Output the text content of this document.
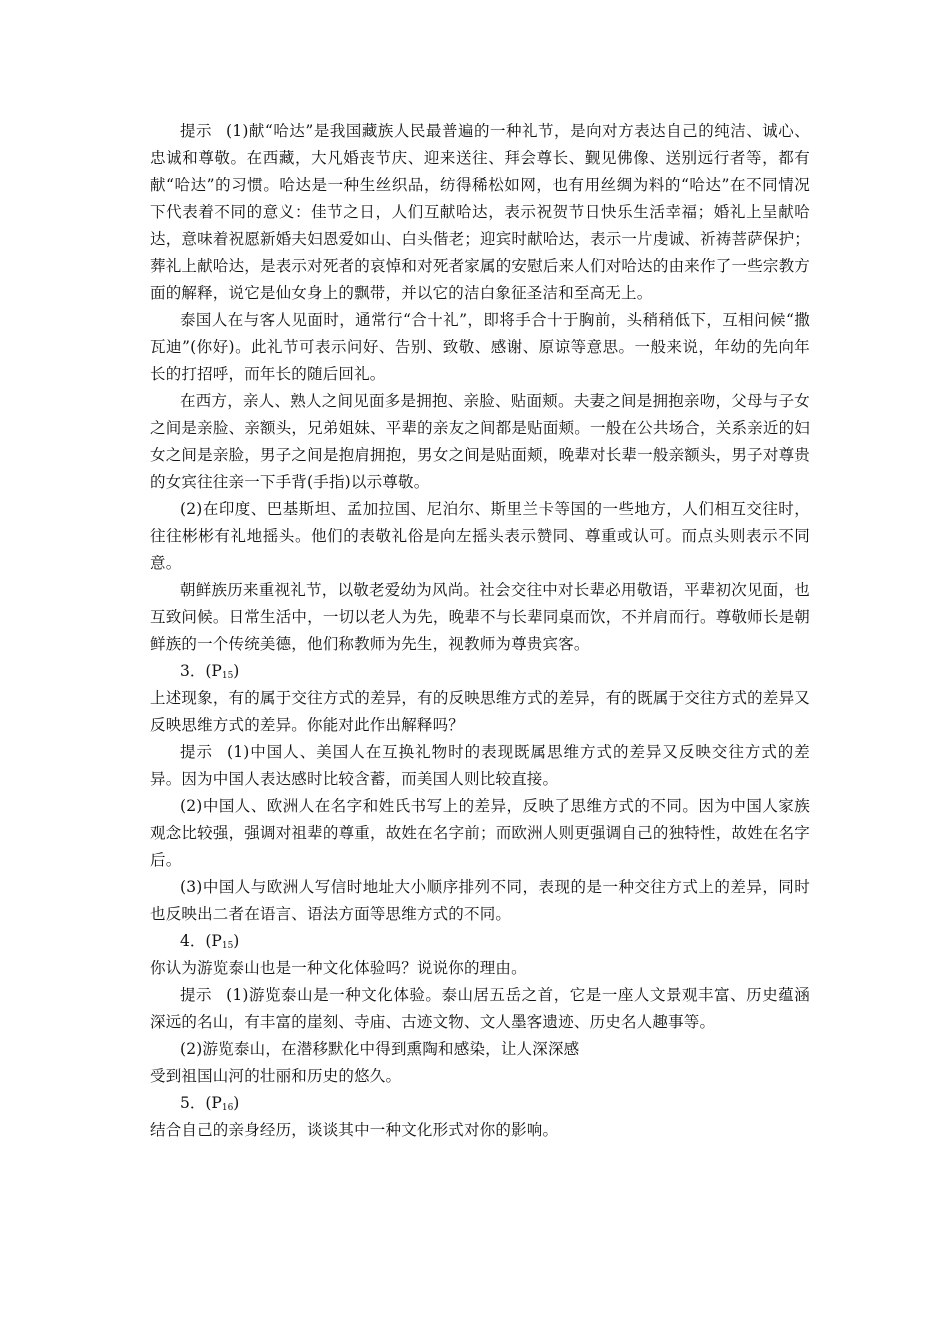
提示 (1)献“哈达”是我国藏族人民最普遍的一种礼节，是向对方表达自己的纯洁、诚心、忠诚和尊敬。在西藏，大凡婚丧节庆、迎来送往、拜会尊长、觐见佛像、送别远行者等，都有献“哈达”的习惯。哈达是一种生丝织品，纺得稀松如网，也有用丝绸为料的“哈达”在不同情况下代表着不同的意义：佳节之日，人们互献哈达，表示祝贺节日快乐生活幸福；婚礼上呈献哈达，意味着祝愿新婚夫妇恩爱如山、白头偕老；迎宾时献哈达，表示一片虔诚、祈祷菩萨保护；葬礼上献哈达，是表示对死者的哀悼和对死者家属的安慰后来人们对哈达的由来作了一些宗教方面的解释，说它是仙女身上的飘带，并以它的洁白象征圣洁和至高无上。

泰国人在与客人见面时，通常行“合十礼”，即将手合十于胸前，头稍稍低下，互相问候“撒瓦迪”(你好)。此礼节可表示问好、告别、致敬、感谢、原谅等意思。一般来说，年幼的先向年长的打招呼，而年长的随后回礼。

在西方，亲人、熟人之间见面多是拥抱、亲脸、贴面颊。夫妻之间是拥抱亲吻，父母与子女之间是亲脸、亲额头，兄弟姐妹、平辈的亲友之间都是贴面颊。一般在公共场合，关系亲近的妇女之间是亲脸，男子之间是抱肩拥抱，男女之间是贴面颊，晚辈对长辈一般亲额头，男子对尊贵的女宾往往亲一下手背(手指)以示尊敬。

(2)在印度、巴基斯坦、孟加拉国、尼泊尔、斯里兰卡等国的一些地方，人们相互交往时，往往彬彬有礼地摇头。他们的表敬礼俗是向左摇头表示赞同、尊重或认可。而点头则表示不同意。

朝鲜族历来重视礼节，以敬老爱幼为风尚。社会交往中对长辈必用敬语，平辈初次见面，也互致问候。日常生活中，一切以老人为先，晚辈不与长辈同桌而饮，不并肩而行。尊敬师长是朝鲜族的一个传统美德，他们称教师为先生，视教师为尊贵宾客。

3．$(P_{15})$

上述现象，有的属于交往方式的差异，有的反映思维方式的差异，有的既属于交往方式的差异又反映思维方式的差异。你能对此作出解释吗？

提示 (1)中国人、美国人在互换礼物时的表现既属思维方式的差异又反映交往方式的差异。因为中国人表达感时比较含蓄，而美国人则比较直接。

(2)中国人、欧洲人在名字和姓氏书写上的差异，反映了思维方式的不同。因为中国人家族观念比较强，强调对祖辈的尊重，故姓在名字前；而欧洲人则更强调自己的独特性，故姓在名字后。

(3)中国人与欧洲人写信时地址大小顺序排列不同，表现的是一种交往方式上的差异，同时也反映出二者在语言、语法方面等思维方式的不同。

4．$(P_{15})$

你认为游览泰山也是一种文化体验吗？说说你的理由。

提示 (1)游览泰山是一种文化体验。泰山居五岳之首，它是一座人文景观丰富、历史蕴涵深远的名山，有丰富的崖刻、寺庙、古迹文物、文人墨客遗迹、历史名人趣事等。

(2)游览泰山，在潜移默化中得到熏陶和感染，让人深深感

受到祖国山河的壮丽和历史的悠久。

5．$(P_{16})$

结合自己的亲身经历，谈谈其中一种文化形式对你的影响。
